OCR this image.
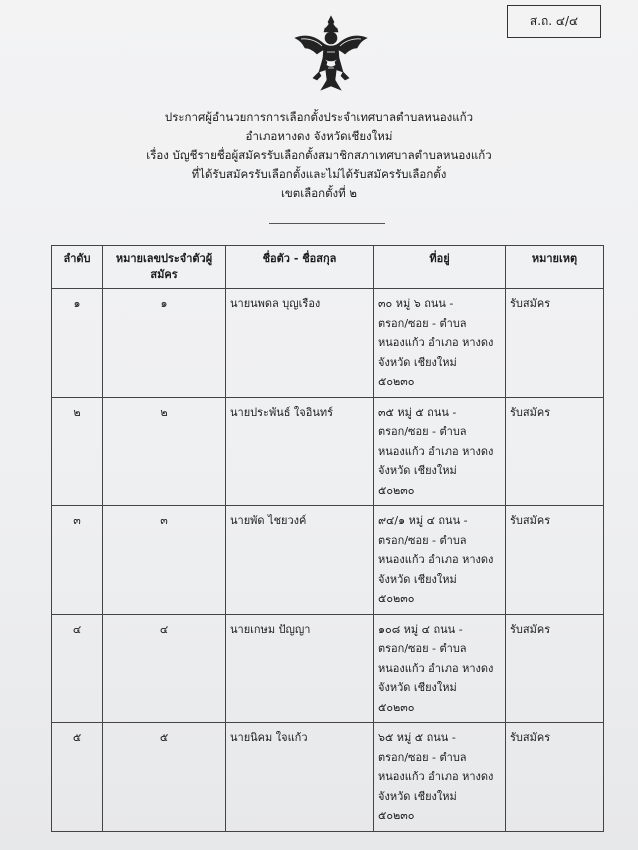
ส.ถ. ๔/๔
ประกาศผู้อำนวยการการเลือกตั้งประจำเทศบาลตำบลหนองแก้ว
อำเภอหางดง จังหวัดเชียงใหม่
เรื่อง บัญชีรายชื่อผู้สมัครรับเลือกตั้งสมาชิกสภาเทศบาลตำบลหนองแก้ว
ที่ได้รับสมัครรับเลือกตั้งและไม่ได้รับสมัครรับเลือกตั้ง
เขตเลือกตั้งที่ ๒
ลำดับ	หมายเลขประจำตัวผู้สมัคร	ชื่อตัว - ชื่อสกุล	ที่อยู่	หมายเหตุ
๑	๑	นายนพดล บุญเรือง	๓๐ หมู่ ๖ ถนน -
ตรอก/ซอย - ตำบล
หนองแก้ว อำเภอ หางดง
จังหวัด เชียงใหม่
๕๐๒๓๐	รับสมัคร
๒	๒	นายประพันธ์ ใจอินทร์	๓๕ หมู่ ๕ ถนน -
ตรอก/ซอย - ตำบล
หนองแก้ว อำเภอ หางดง
จังหวัด เชียงใหม่
๕๐๒๓๐	รับสมัคร
๓	๓	นายพัด ไชยวงค์	๙๔/๑ หมู่ ๔ ถนน -
ตรอก/ซอย - ตำบล
หนองแก้ว อำเภอ หางดง
จังหวัด เชียงใหม่
๕๐๒๓๐	รับสมัคร
๔	๔	นายเกษม ปัญญา	๑๐๘ หมู่ ๔ ถนน -
ตรอก/ซอย - ตำบล
หนองแก้ว อำเภอ หางดง
จังหวัด เชียงใหม่
๕๐๒๓๐	รับสมัคร
๕	๕	นายนิคม ใจแก้ว	๖๕ หมู่ ๕ ถนน -
ตรอก/ซอย - ตำบล
หนองแก้ว อำเภอ หางดง
จังหวัด เชียงใหม่
๕๐๒๓๐	รับสมัคร
